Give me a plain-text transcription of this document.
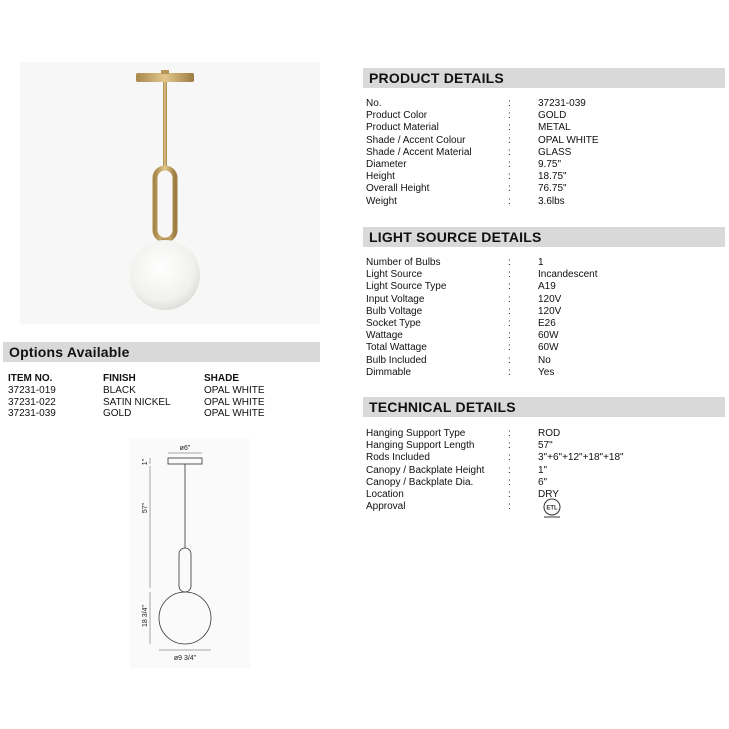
PRODUCT DETAILS
No.	:	37231-039
Product Color	:	GOLD
Product Material	:	METAL
Shade / Accent Colour	:	OPAL WHITE
Shade / Accent Material	:	GLASS
Diameter	:	9.75"
Height	:	18.75"
Overall Height	:	76.75"
Weight	:	3.6lbs
LIGHT SOURCE DETAILS
Number of Bulbs	:	1
Light Source	:	Incandescent
Light Source Type	:	A19
Input Voltage	:	120V
Bulb Voltage	:	120V
Socket Type	:	E26
Wattage	:	60W
Total Wattage	:	60W
Bulb Included	:	No
Dimmable	:	Yes
TECHNICAL DETAILS
Hanging Support Type	:	ROD
Hanging Support Length	:	57"
Rods Included	:	3"+6"+12"+18"+18"
Canopy / Backplate Height :	1"
Canopy / Backplate Dia.	:	6"
Location	:	DRY
Approval	:	ETL
Options Available
ITEM NO.	FINISH	SHADE
37231-019	BLACK	OPAL WHITE
37231-022	SATIN NICKEL	OPAL WHITE
37231-039	GOLD	OPAL WHITE
ø6"
1"
57"
18 3/4"
ø9 3/4"
